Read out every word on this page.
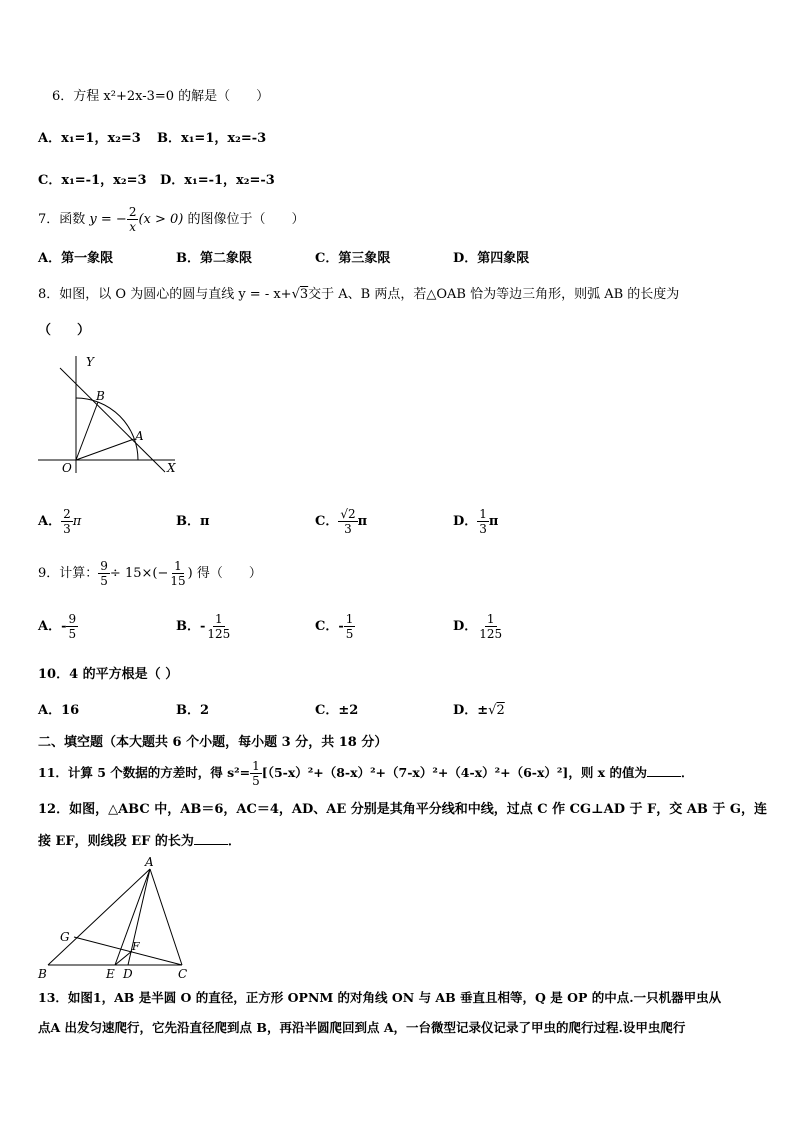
6．方程 x²+2x-3=0 的解是（　　）
A．x₁=1，x₂=3 B．x₁=1，x₂=-3
C．x₁=-1，x₂=3 D．x₁=-1，x₂=-3
7．函数 y = − $\frac{2}{x} (x > 0)$ 的图像位于（　　）
A．第一象限	B．第二象限	C．第三象限	D．第四象限
8．如图，以 O 为圆心的圆与直线 y = - x+√3交于 A、B 两点，若△OAB 恰为等边三角形，则弧 AB 的长度为
（　　）
Y
B
A
O	X
A． $\frac{2}{3}$ π	B．π	C． $\frac{√2}{3}$ π	D． $\frac{1}{3}$ π
9．计算： $\frac{9}{5} \div 15\times(- \frac{1}{15}$ ) 得（　　）
A．- $\frac{9}{5}$	B．- $\frac{1}{125}$	C．- $\frac{1}{5}$	D． $\frac{1}{125}$
10．4 的平方根是（ ）
A．16	B．2	C．±2	D．±√2
二、填空题（本大题共 6 个小题，每小题 3 分，共 18 分）
11．计算 5 个数据的方差时，得 $s^2= \frac{1}{5} [(5-x)^2+(8-x)^2+(7-x)^2+(4-x)^2+(6-x)^2]$，则 x 的值为	．
12．如图，△ABC 中，AB＝6，AC＝4，AD、AE 分别是其角平分线和中线，过点 C 作 CG⊥AD 于 F，交 AB 于 G，连
接 EF，则线段 EF 的长为	．
A
G
F
B	E D	C
13．如图1，AB 是半圆 O 的直径，正方形 OPNM 的对角线 ON 与 AB 垂直且相等，Q 是 OP 的中点.一只机器甲虫从
点A 出发匀速爬行，它先沿直径爬到点 B，再沿半圆爬回到点 A，一台微型记录仪记录了甲虫的爬行过程.设甲虫爬行
